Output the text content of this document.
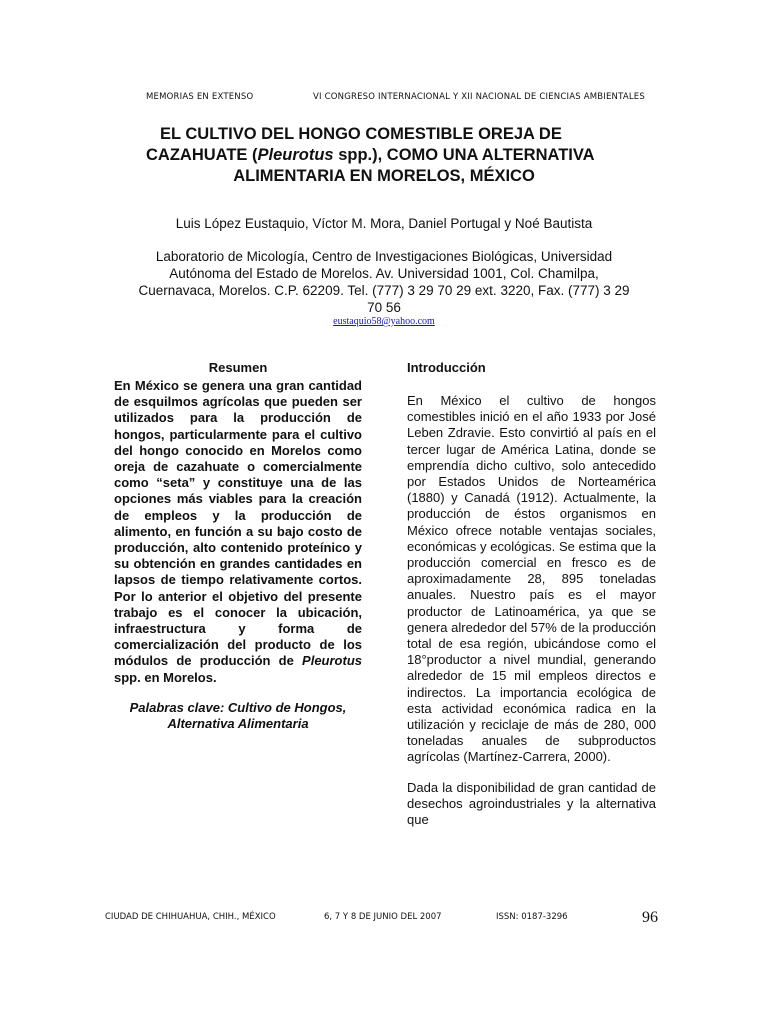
MEMORIAS EN EXTENSO	VI CONGRESO INTERNACIONAL Y XII NACIONAL DE CIENCIAS AMBIENTALES
EL CULTIVO DEL HONGO COMESTIBLE OREJA DE
CAZAHUATE (Pleurotus spp.), COMO UNA ALTERNATIVA
ALIMENTARIA EN MORELOS, MÉXICO
Luis López Eustaquio, Víctor M. Mora, Daniel Portugal y Noé Bautista
Laboratorio de Micología, Centro de Investigaciones Biológicas, Universidad
Autónoma del Estado de Morelos. Av. Universidad 1001, Col. Chamilpa,
Cuernavaca, Morelos. C.P. 62209. Tel. (777) 3 29 70 29 ext. 3220, Fax. (777) 3 29
70 56
eustaquio58@yahoo.com
Resumen
En México se genera una gran cantidad de esquilmos agrícolas que pueden ser utilizados para la producción de hongos, particularmente para el cultivo del hongo conocido en Morelos como oreja de cazahuate o comercialmente como “seta” y constituye una de las opciones más viables para la creación de empleos y la producción de alimento, en función a su bajo costo de producción, alto contenido proteínico y su obtención en grandes cantidades en lapsos de tiempo relativamente cortos. Por lo anterior el objetivo del presente trabajo es el conocer la ubicación, infraestructura y forma de comercialización del producto de los módulos de producción de Pleurotus spp. en Morelos.
Palabras clave: Cultivo de Hongos, Alternativa Alimentaria
Introducción
En México el cultivo de hongos comestibles inició en el año 1933 por José Leben Zdravie. Esto convirtió al país en el tercer lugar de América Latina, donde se emprendía dicho cultivo, solo antecedido por Estados Unidos de Norteamérica (1880) y Canadá (1912). Actualmente, la producción de éstos organismos en México ofrece notable ventajas sociales, económicas y ecológicas. Se estima que la producción comercial en fresco es de aproximadamente 28, 895 toneladas anuales. Nuestro país es el mayor productor de Latinoamérica, ya que se genera alrededor del 57% de la producción total de esa región, ubicándose como el 18°productor a nivel mundial, generando alrededor de 15 mil empleos directos e indirectos. La importancia ecológica de esta actividad económica radica en la utilización y reciclaje de más de 280, 000 toneladas anuales de subproductos agrícolas (Martínez-Carrera, 2000).
Dada la disponibilidad de gran cantidad de desechos agroindustriales y la alternativa que
CIUDAD DE CHIHUAHUA, CHIH., MÉXICO	6, 7 Y 8 DE JUNIO DEL 2007	ISSN: 0187-3296	96
